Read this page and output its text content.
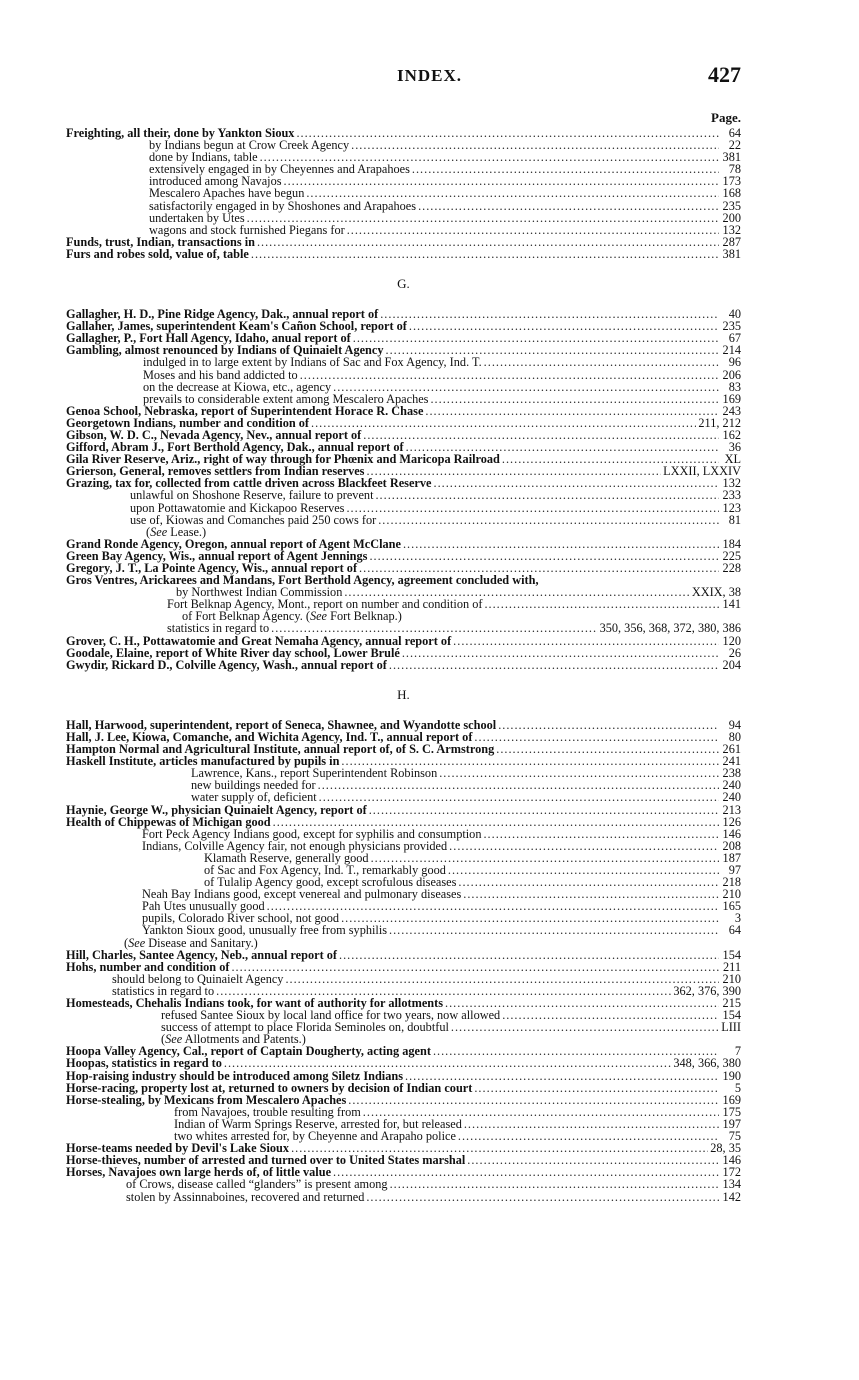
INDEX.	427
Page.
Freighting, all their, done by Yankton Sioux .....	64
by Indians begun at Crow Creek Agency .....	22
done by Indians, table .....	381
extensively engaged in by Cheyennes and Arapahoes .....	78
introduced among Navajos .....	173
Mescalero Apaches have begun .....	168
satisfactorily engaged in by Shoshones and Arapahoes .....	235
undertaken by Utes .....	200
wagons and stock furnished Piegans for .....	132
Funds, trust, Indian, transactions in .....	287
Furs and robes sold, value of, table .....	381
G.
Gallagher, H. D., Pine Ridge Agency, Dak., annual report of .....	40
Gallaher, James, superintendent Keam's Cañon School, report of .....	235
Gallagher, P., Fort Hall Agency, Idaho, anual report of .....	67
Gambling, almost renounced by Indians of Quinaielt Agency .....	214
indulged in to large extent by Indians of Sac and Fox Agency, Ind. T. .....	96
Moses and his band addicted to .....	206
on the decrease at Kiowa, etc., agency .....	83
prevails to considerable extent among Mescalero Apaches .....	169
Genoa School, Nebraska, report of Superintendent Horace R. Chase .....	243
Georgetown Indians, number and condition of .....	211, 212
Gibson, W. D. C., Nevada Agency, Nev., annual report of .....	162
Gifford, Abram J., Fort Berthold Agency, Dak., annual report of .....	36
Gila River Reserve, Ariz., right of way through for Phœnix and Maricopa Railroad .....	XL
Grierson, General, removes settlers from Indian reserves .....	LXXII, LXXIV
Grazing, tax for, collected from cattle driven across Blackfeet Reserve .....	132
unlawful on Shoshone Reserve, failure to prevent .....	233
upon Pottawatomie and Kickapoo Reserves .....	123
use of, Kiowas and Comanches paid 250 cows for .....	81
(See Lease.)
Grand Ronde Agency, Oregon, annual report of Agent McClane .....	184
Green Bay Agency, Wis., annual report of Agent Jennings .....	225
Gregory, J. T., La Pointe Agency, Wis., annual report of .....	228
Gros Ventres, Arickarees and Mandans, Fort Berthold Agency, agreement concluded with,
by Northwest Indian Commission .....	XXIX, 38
Fort Belknap Agency, Mont., report on number and condition of .....	141
of Fort Belknap Agency. (See Fort Belknap.)
statistics in regard to .....	350, 356, 368, 372, 380, 386
Grover, C. H., Pottawatomie and Great Nemaha Agency, annual report of .....	120
Goodale, Elaine, report of White River day school, Lower Brulé .....	26
Gwydir, Rickard D., Colville Agency, Wash., annual report of .....	204
H.
Hall, Harwood, superintendent, report of Seneca, Shawnee, and Wyandotte school .....	94
Hall, J. Lee, Kiowa, Comanche, and Wichita Agency, Ind. T., annual report of .....	80
Hampton Normal and Agricultural Institute, annual report of, of S. C. Armstrong .....	261
Haskell Institute, articles manufactured by pupils in .....	241
Lawrence, Kans., report Superintendent Robinson .....	238
new buildings needed for .....	240
water supply of, deficient .....	240
Haynie, George W., physician Quinaielt Agency, report of .....	213
Health of Chippewas of Michigan good .....	126
Fort Peck Agency Indians good, except for syphilis and consumption .....	146
Indians, Colville Agency fair, not enough physicians provided .....	208
Klamath Reserve, generally good .....	187
of Sac and Fox Agency, Ind. T., remarkably good .....	97
of Tulalip Agency good, except scrofulous diseases .....	218
Neah Bay Indians good, except venereal and pulmonary diseases .....	210
Pah Utes unusually good .....	165
pupils, Colorado River school, not good .....	3
Yankton Sioux good, unusually free from syphilis .....	64
(See Disease and Sanitary.)
Hill, Charles, Santee Agency, Neb., annual report of .....	154
Hohs, number and condition of .....	211
should belong to Quinaielt Agency .....	210
statistics in regard to .....	362, 376, 390
Homesteads, Chehalis Indians took, for want of authority for allotments .....	215
refused Santee Sioux by local land office for two years, now allowed .....	154
success of attempt to place Florida Seminoles on, doubtful .....	LIII
(See Allotments and Patents.)
Hoopa Valley Agency, Cal., report of Captain Dougherty, acting agent .....	7
Hoopas, statistics in regard to .....	348, 366, 380
Hop-raising industry should be introduced among Siletz Indians .....	190
Horse-racing, property lost at, returned to owners by decision of Indian court .....	5
Horse-stealing, by Mexicans from Mescalero Apaches .....	169
from Navajoes, trouble resulting from .....	175
Indian of Warm Springs Reserve, arrested for, but released .....	197
two whites arrested for, by Cheyenne and Arapaho police .....	75
Horse-teams needed by Devil's Lake Sioux .....	28, 35
Horse-thieves, number of arrested and turned over to United States marshal .....	146
Horses, Navajoes own large herds of, of little value .....	172
of Crows, disease called “glanders” is present among .....	134
stolen by Assinnaboines, recovered and returned .....	142
